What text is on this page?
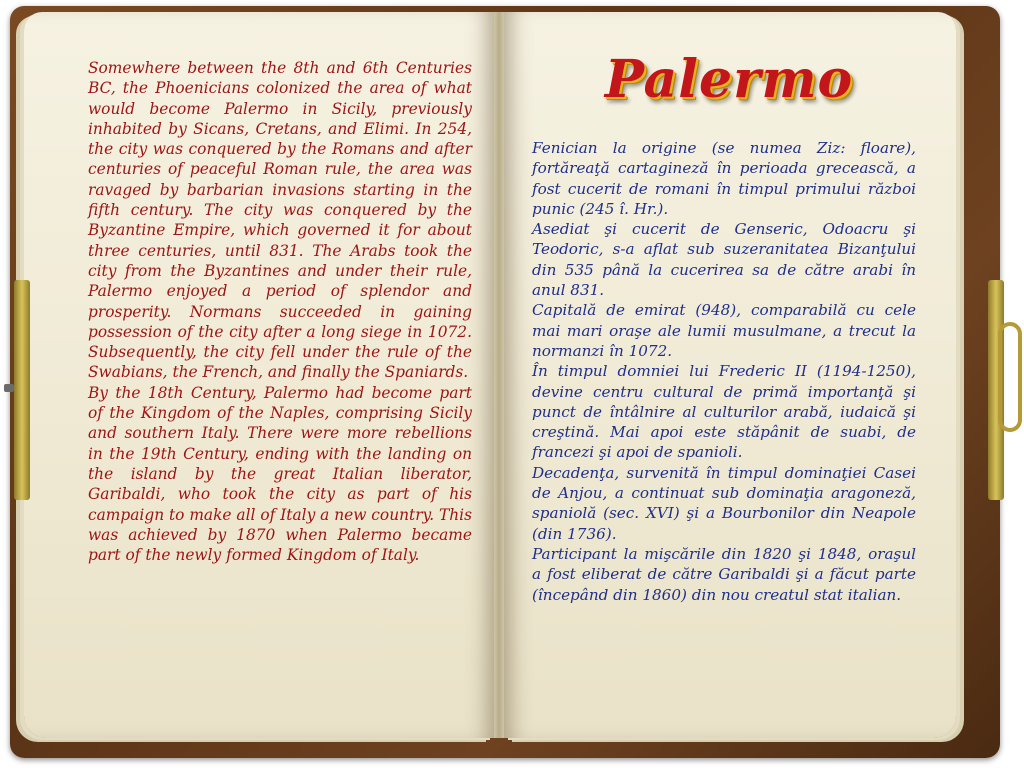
Somewhere between the 8th and 6th Centuries BC, the Phoenicians colonized the area of what would become Palermo in Sicily, previously inhabited by Sicans, Cretans, and Elimi. In 254, the city was conquered by the Romans and after centuries of peaceful Roman rule, the area was ravaged by barbarian invasions starting in the fifth century. The city was conquered by the Byzantine Empire, which governed it for about three centuries, until 831. The Arabs took the city from the Byzantines and under their rule, Palermo enjoyed a period of splendor and prosperity. Normans succeeded in gaining possession of the city after a long siege in 1072. Subsequently, the city fell under the rule of the Swabians, the French, and finally the Spaniards.

By the 18th Century, Palermo had become part of the Kingdom of the Naples, comprising Sicily and southern Italy. There were more rebellions in the 19th Century, ending with the landing on the island by the great Italian liberator, Garibaldi, who took the city as part of his campaign to make all of Italy a new country. This was achieved by 1870 when Palermo became part of the newly formed Kingdom of Italy.

Palermo

Fenician la origine (se numea Ziz: floare), fortăreaţă cartagineză în perioada grecească, a fost cucerit de romani în timpul primului război punic (245 î. Hr.).

Asediat şi cucerit de Genseric, Odoacru şi Teodoric, s-a aflat sub suzeranitatea Bizanţului din 535 până la cucerirea sa de către arabi în anul 831.

Capitală de emirat (948), comparabilă cu cele mai mari oraşe ale lumii musulmane, a trecut la normanzi în 1072.

În timpul domniei lui Frederic II (1194-1250), devine centru cultural de primă importanţă şi punct de întâlnire al culturilor arabă, iudaică şi creştină. Mai apoi este stăpânit de suabi, de francezi şi apoi de spanioli.

Decadenţa, survenită în timpul dominaţiei Casei de Anjou, a continuat sub dominaţia aragoneză, spaniolă (sec. XVI) şi a Bourbonilor din Neapole (din 1736).

Participant la mişcările din 1820 şi 1848, oraşul a fost eliberat de către Garibaldi şi a făcut parte (începând din 1860) din nou creatul stat italian.
